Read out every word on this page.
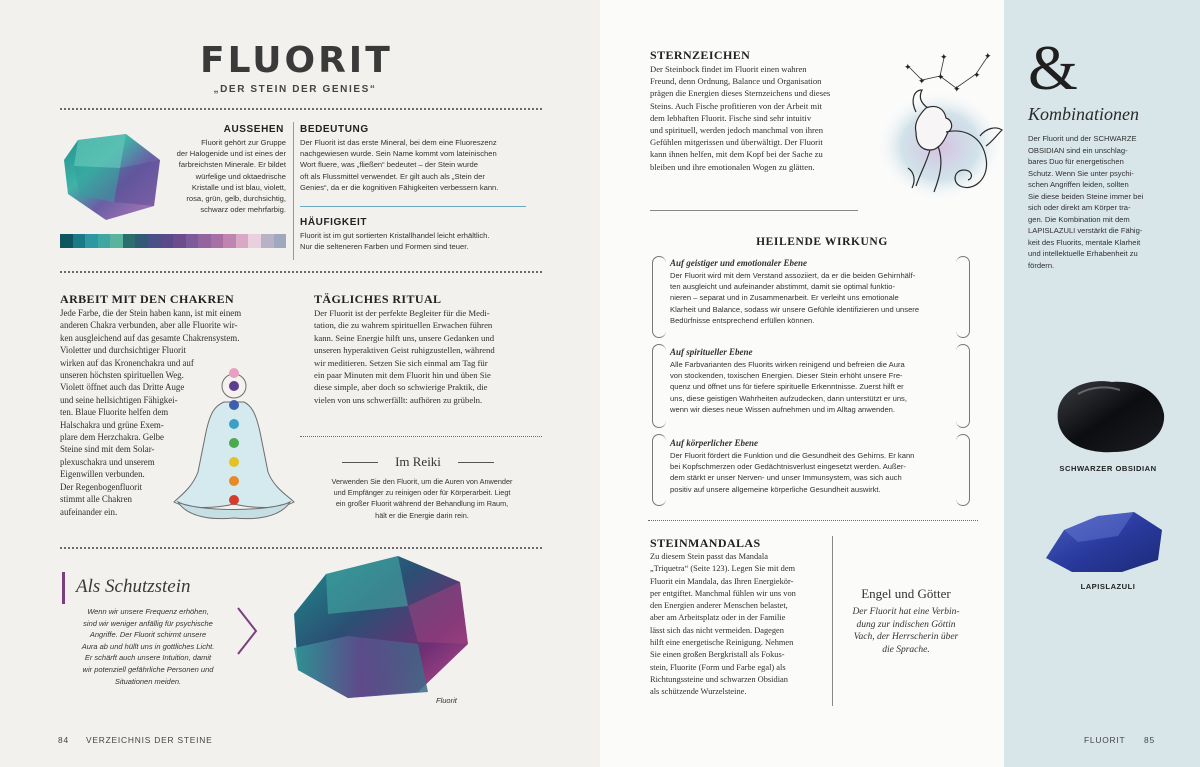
FLUORIT
„DER STEIN DER GENIES“
AUSSEHEN
Fluorit gehört zur Gruppe
der Halogenide und ist eines der
farbreichsten Minerale. Er bildet
würfelige und oktaedrische
Kristalle und ist blau, violett,
rosa, grün, gelb, durchsichtig,
schwarz oder mehrfarbig.
BEDEUTUNG
Der Fluorit ist das erste Mineral, bei dem eine Fluoreszenz
nachgewiesen wurde. Sein Name kommt vom lateinischen
Wort fluere, was „fließen“ bedeutet – der Stein wurde
oft als Flussmittel verwendet. Er gilt auch als „Stein der
Genies“, da er die kognitiven Fähigkeiten verbessern kann.
HÄUFIGKEIT
Fluorit ist im gut sortierten Kristallhandel leicht erhältlich.
Nur die selteneren Farben und Formen sind teuer.
ARBEIT MIT DEN CHAKREN
Jede Farbe, die der Stein haben kann, ist mit einem
anderen Chakra verbunden, aber alle Fluorite wir-
ken ausgleichend auf das gesamte Chakrensystem.
Violetter und durchsichtiger Fluorit
wirken auf das Kronenchakra und auf
unseren höchsten spirituellen Weg.
Violett öffnet auch das Dritte Auge
und seine hellsichtigen Fähigkei-
ten. Blaue Fluorite helfen dem
Halschakra und grüne Exem-
plare dem Herzchakra. Gelbe
Steine sind mit dem Solar-
plexuschakra und unserem
Eigenwillen verbunden.
Der Regenbogenfluorit
stimmt alle Chakren
aufeinander ein.
TÄGLICHES RITUAL
Der Fluorit ist der perfekte Begleiter für die Medi-
tation, die zu wahrem spirituellen Erwachen führen
kann. Seine Energie hilft uns, unsere Gedanken und
unseren hyperaktiven Geist ruhigzustellen, während
wir meditieren. Setzen Sie sich einmal am Tag für
ein paar Minuten mit dem Fluorit hin und üben Sie
diese simple, aber doch so schwierige Praktik, die
vielen von uns schwerfällt: aufhören zu grübeln.
Im Reiki
Verwenden Sie den Fluorit, um die Auren von Anwender
und Empfänger zu reinigen oder für Körperarbeit. Liegt
ein großer Fluorit während der Behandlung im Raum,
hält er die Energie darin rein.
Als Schutzstein
Wenn wir unsere Frequenz erhöhen,
sind wir weniger anfällig für psychische
Angriffe. Der Fluorit schirmt unsere
Aura ab und hüllt uns in gottliches Licht.
Er schärft auch unsere Intuition, damit
wir potenziell gefährliche Personen und
Situationen meiden.
Fluorit
84 VERZEICHNIS DER STEINE
STERNZEICHEN
Der Steinbock findet im Fluorit einen wahren
Freund, denn Ordnung, Balance und Organisation
prägen die Energien dieses Sternzeichens und dieses
Steins. Auch Fische profitieren von der Arbeit mit
dem lebhaften Fluorit. Fische sind sehr intuitiv
und spirituell, werden jedoch manchmal von ihren
Gefühlen mitgerissen und überwältigt. Der Fluorit
kann ihnen helfen, mit dem Kopf bei der Sache zu
bleiben und ihre emotionalen Wogen zu glätten.
✦
✦ ✦
✦
✦
✦
✦
HEILENDE WIRKUNG
Auf geistiger und emotionaler Ebene
Der Fluorit wird mit dem Verstand assoziiert, da er die beiden Gehirnhälf-
ten ausgleicht und aufeinander abstimmt, damit sie optimal funktio-
nieren – separat und in Zusammenarbeit. Er verleiht uns emotionale
Klarheit und Balance, sodass wir unsere Gefühle identifizieren und unsere
Bedürfnisse entsprechend erfüllen können.
Auf spiritueller Ebene
Alle Farbvarianten des Fluorits wirken reinigend und befreien die Aura
von stockenden, toxischen Energien. Dieser Stein erhöht unsere Fre-
quenz und öffnet uns für tiefere spirituelle Erkenntnisse. Zuerst hilft er
uns, diese geistigen Wahrheiten aufzudecken, dann unterstützt er uns,
wenn wir dieses neue Wissen aufnehmen und im Alltag anwenden.
Auf körperlicher Ebene
Der Fluorit fördert die Funktion und die Gesundheit des Gehirns. Er kann
bei Kopfschmerzen oder Gedächtnisverlust eingesetzt werden. Außer-
dem stärkt er unser Nerven- und unser Immunsystem, was sich auch
positiv auf unsere allgemeine körperliche Gesundheit auswirkt.
STEINMANDALAS
Zu diesem Stein passt das Mandala
„Triquetra“ (Seite 123). Legen Sie mit dem
Fluorit ein Mandala, das Ihren Energiekör-
per entgiftet. Manchmal fühlen wir uns von
den Energien anderer Menschen belastet,
aber am Arbeitsplatz oder in der Familie
lässt sich das nicht vermeiden. Dagegen
hilft eine energetische Reinigung. Nehmen
Sie einen großen Bergkristall als Fokus-
stein, Fluorite (Form und Farbe egal) als
Richtungssteine und schwarzen Obsidian
als schützende Wurzelsteine.
Engel und Götter
Der Fluorit hat eine Verbin-
dung zur indischen Göttin
Vach, der Herrscherin über
die Sprache.
&
Kombinationen
Der Fluorit und der SCHWARZE
OBSIDIAN sind ein unschlag-
bares Duo für energetischen
Schutz. Wenn Sie unter psychi-
schen Angriffen leiden, sollten
Sie diese beiden Steine immer bei
sich oder direkt am Körper tra-
gen. Die Kombination mit dem
LAPISLAZULI verstärkt die Fähig-
keit des Fluorits, mentale Klarheit
und intellektuelle Erhabenheit zu
fördern.
SCHWARZER OBSIDIAN
LAPISLAZULI
FLUORIT 85
